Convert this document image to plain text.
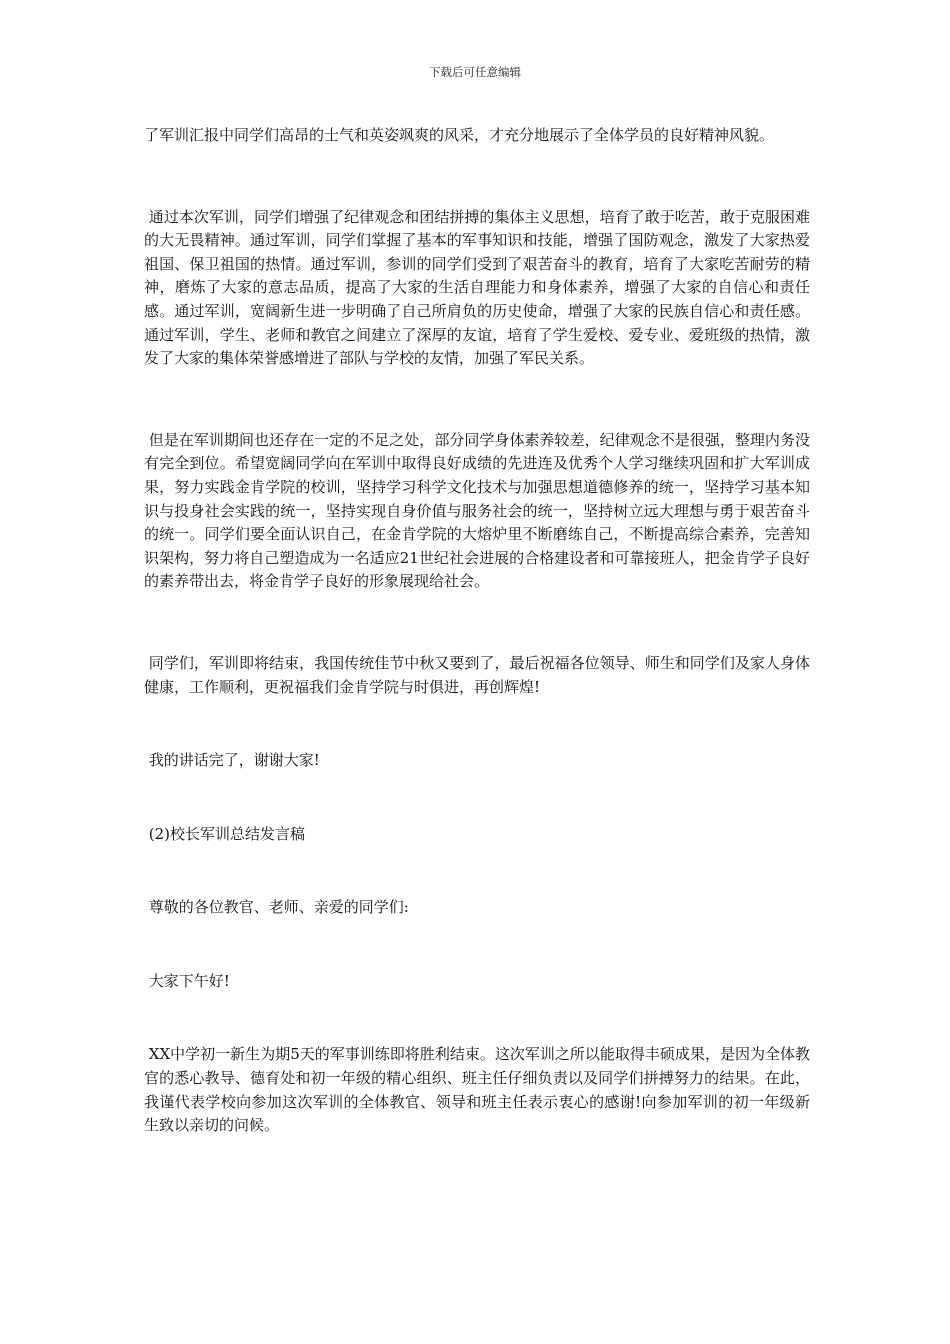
下载后可任意编辑

了军训汇报中同学们高昂的士气和英姿飒爽的风采，才充分地展示了全体学员的良好精神风貌。

通过本次军训，同学们增强了纪律观念和团结拼搏的集体主义思想，培育了敢于吃苦，敢于克服困难的大无畏精神。通过军训，同学们掌握了基本的军事知识和技能，增强了国防观念，激发了大家热爱祖国、保卫祖国的热情。通过军训，参训的同学们受到了艰苦奋斗的教育，培育了大家吃苦耐劳的精神，磨炼了大家的意志品质，提高了大家的生活自理能力和身体素养，增强了大家的自信心和责任感。通过军训，宽阔新生进一步明确了自己所肩负的历史使命，增强了大家的民族自信心和责任感。通过军训，学生、老师和教官之间建立了深厚的友谊，培育了学生爱校、爱专业、爱班级的热情，激发了大家的集体荣誉感增进了部队与学校的友情，加强了军民关系。

但是在军训期间也还存在一定的不足之处，部分同学身体素养较差，纪律观念不是很强，整理内务没有完全到位。希望宽阔同学向在军训中取得良好成绩的先进连及优秀个人学习继续巩固和扩大军训成果，努力实践金肯学院的校训，坚持学习科学文化技术与加强思想道德修养的统一，坚持学习基本知识与投身社会实践的统一，坚持实现自身价值与服务社会的统一，坚持树立远大理想与勇于艰苦奋斗的统一。同学们要全面认识自己，在金肯学院的大熔炉里不断磨练自己，不断提高综合素养，完善知识架构，努力将自己塑造成为一名适应21世纪社会进展的合格建设者和可靠接班人，把金肯学子良好的素养带出去，将金肯学子良好的形象展现给社会。

同学们，军训即将结束，我国传统佳节中秋又要到了，最后祝福各位领导、师生和同学们及家人身体健康，工作顺利，更祝福我们金肯学院与时俱进，再创辉煌!

我的讲话完了，谢谢大家!

(2)校长军训总结发言稿

尊敬的各位教官、老师、亲爱的同学们:

大家下午好!

XX中学初一新生为期5天的军事训练即将胜利结束。这次军训之所以能取得丰硕成果，是因为全体教官的悉心教导、德育处和初一年级的精心组织、班主任仔细负责以及同学们拼搏努力的结果。在此，我谨代表学校向参加这次军训的全体教官、领导和班主任表示衷心的感谢!向参加军训的初一年级新生致以亲切的问候。
